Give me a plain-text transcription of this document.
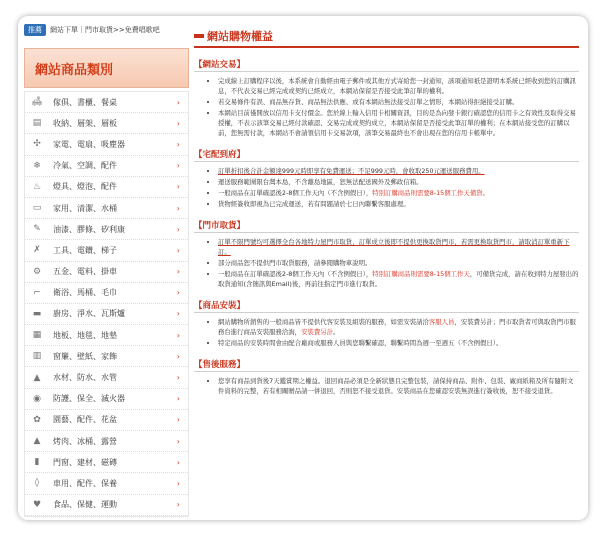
推薦	網站下單｜門市取貨>>免費唱歌吧
網站商品類別
🛋 傢俱、書櫃、餐桌	›
▤ 收納、層架、層板	›
✣ 家電、電扇、吸塵器	›
❄ 冷氣、空調、配件	›
♨ 燈具、燈泡、配件	›
▭ 家用、清潔、水桶	›
✎ 油漆、膠條、矽利康	›
✗ 工具、電鑽、梯子	›
⚙ 五金、電料、掛車	›
⌐ 衛浴、馬桶、毛巾	›
▬ 廚房、淨水、瓦斯爐	›
▦ 地板、地毯、地墊	›
▥ 窗簾、壁紙、家飾	›
▲	水材、防水、水管	›
◉ 防護、保全、滅火器	›
✿ 園藝、配件、花盆	›
▲	烤肉、冰桶、露營	›
▮	門窗、建材、磁磚	›
◊	車用、配件、保養	›
♥ 食品、保健、運動	›
網站購物權益
【網站交易】
• 完成線上訂購程序以後，本系統會自動經由電子郵件或其他方式寄給您一封通知，該項通知祇是證明本系統已經收到您的訂購訊息，不代表交易已經完成或契約已經成立，本網站保留是否接受此筆訂單的權利。
• 若交易條件有誤、商品無存貨、商品無法供應、或有本網站無法接受訂單之情形，本網站得拒絕接受訂購。
• 本網站目前僅開放以信用卡支付價金。您於線上輸入信用卡相關資訊，目的是為向發卡銀行確認您的信用卡之有效性及取得交易授權，不表示該筆交易已經付款確認、交易完成或契約成立，本網站保留是否接受此筆訂單的權利；在本網站接受您的訂購以前，您無需付款，本網站不會請領信用卡交易款項，該筆交易最終也不會出現在您的信用卡帳單中。
【宅配到府】
• 訂單折扣後合計金額達999元時即享有免費運送；不足999元時，會收取250元運送服務費用。
• 運送服務範圍限台灣本島，不含離島地區，恕無法配送國外及郵政信箱。
• 一般商品在訂單確認後2-8個工作天內（不含例假日），特別訂購商品則需要8-15個工作天備貨。
• 貨物經簽收即視為已完成運送，若有問題請於七日內聯繫客服處理。
【門市取貨】
• 訂單不限門號均可選擇全台各地特力屋門市取貨，訂單成立後即不提供更換取貨門市，若需更換取貨門市，請取消訂單重新下訂。
• 部分商品恕不提供門市取貨服務，請參閱購物車說明。
• 一般商品在訂單確認後2-8個工作天內（不含例假日），特別訂購商品則需要8-15個工作天，可備貨完成，請在收到特力屋發出的取貨通知(含簡訊與Email)後，再前往指定門市進行取貨。
【商品安裝】
• 網站購物所銷售的一般商品皆不提供代客安裝及組裝的服務，如需安裝請洽客服人員，安裝費另計；門市取貨者可與取貨門市服務台進行商品安裝服務洽詢，安裝費另計。
• 特定商品的安裝時間會由配合廠商或服務人員與您聯繫確認，聯繫時間為週一至週五（不含例假日）。
【售後服務】
• 您享有商品到貨後7天鑑賞期之權益。退回商品必須是全新狀態且完整包裝，請保持商品、附件、包裝、廠商紙箱及所有隨附文件資料的完整，若有相關贈品請一併退回，否則恕不接受退貨。安裝商品在您確認安裝無誤進行簽收後，恕不接受退貨。
